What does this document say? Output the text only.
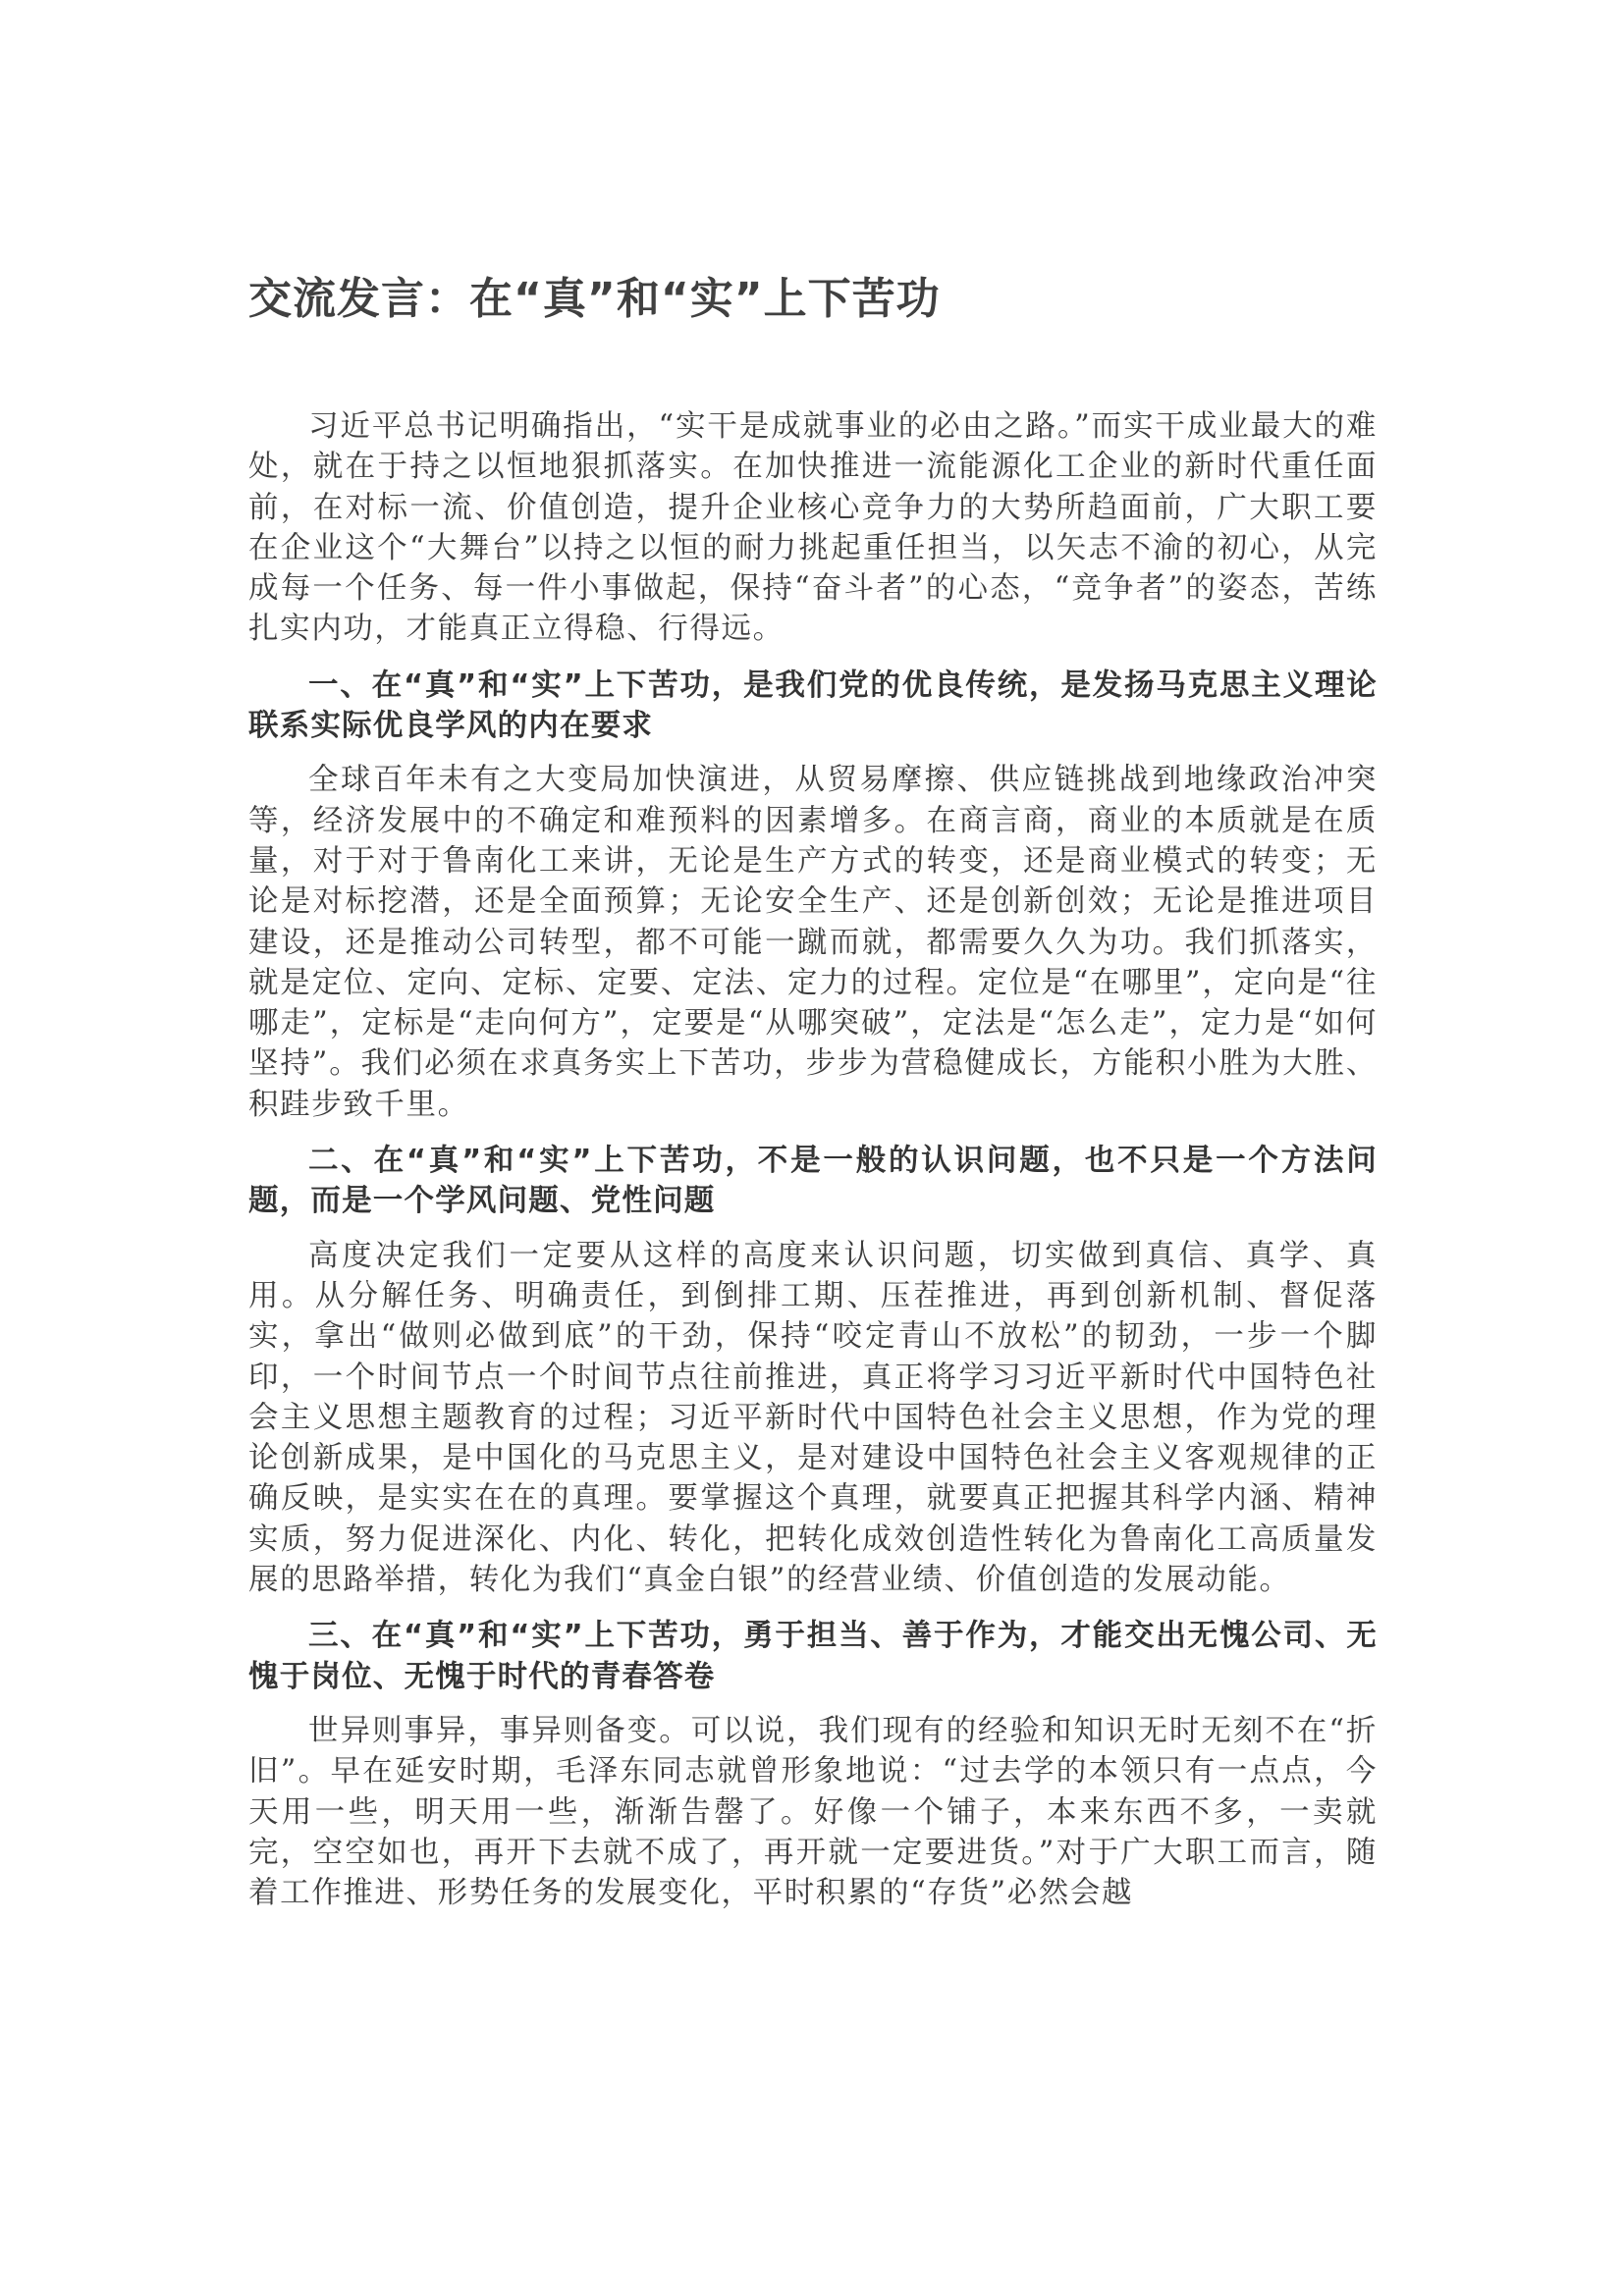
交流发言：在“真”和“实”上下苦功

习近平总书记明确指出，“实干是成就事业的必由之路。”而实干成业最大的难处，就在于持之以恒地狠抓落实。在加快推进一流能源化工企业的新时代重任面前，在对标一流、价值创造，提升企业核心竞争力的大势所趋面前，广大职工要在企业这个“大舞台”以持之以恒的耐力挑起重任担当，以矢志不渝的初心，从完成每一个任务、每一件小事做起，保持“奋斗者”的心态，“竞争者”的姿态，苦练扎实内功，才能真正立得稳、行得远。

一、在“真”和“实”上下苦功，是我们党的优良传统，是发扬马克思主义理论联系实际优良学风的内在要求

全球百年未有之大变局加快演进，从贸易摩擦、供应链挑战到地缘政治冲突等，经济发展中的不确定和难预料的因素增多。在商言商，商业的本质就是在质量，对于对于鲁南化工来讲，无论是生产方式的转变，还是商业模式的转变；无论是对标挖潜，还是全面预算；无论安全生产、还是创新创效；无论是推进项目建设，还是推动公司转型，都不可能一蹴而就，都需要久久为功。我们抓落实，就是定位、定向、定标、定要、定法、定力的过程。定位是“在哪里”，定向是“往哪走”，定标是“走向何方”，定要是“从哪突破”，定法是“怎么走”，定力是“如何坚持”。我们必须在求真务实上下苦功，步步为营稳健成长，方能积小胜为大胜、积跬步致千里。

二、在“真”和“实”上下苦功，不是一般的认识问题，也不只是一个方法问题，而是一个学风问题、党性问题

高度决定我们一定要从这样的高度来认识问题，切实做到真信、真学、真用。从分解任务、明确责任，到倒排工期、压茬推进，再到创新机制、督促落实，拿出“做则必做到底”的干劲，保持“咬定青山不放松”的韧劲，一步一个脚印，一个时间节点一个时间节点往前推进，真正将学习习近平新时代中国特色社会主义思想主题教育的过程；习近平新时代中国特色社会主义思想，作为党的理论创新成果，是中国化的马克思主义，是对建设中国特色社会主义客观规律的正确反映，是实实在在的真理。要掌握这个真理，就要真正把握其科学内涵、精神实质，努力促进深化、内化、转化，把转化成效创造性转化为鲁南化工高质量发展的思路举措，转化为我们“真金白银”的经营业绩、价值创造的发展动能。

三、在“真”和“实”上下苦功，勇于担当、善于作为，才能交出无愧公司、无愧于岗位、无愧于时代的青春答卷

世异则事异，事异则备变。可以说，我们现有的经验和知识无时无刻不在“折旧”。早在延安时期，毛泽东同志就曾形象地说：“过去学的本领只有一点点，今天用一些，明天用一些，渐渐告罄了。好像一个铺子，本来东西不多，一卖就完，空空如也，再开下去就不成了，再开就一定要进货。”对于广大职工而言，随着工作推进、形势任务的发展变化，平时积累的“存货”必然会越
